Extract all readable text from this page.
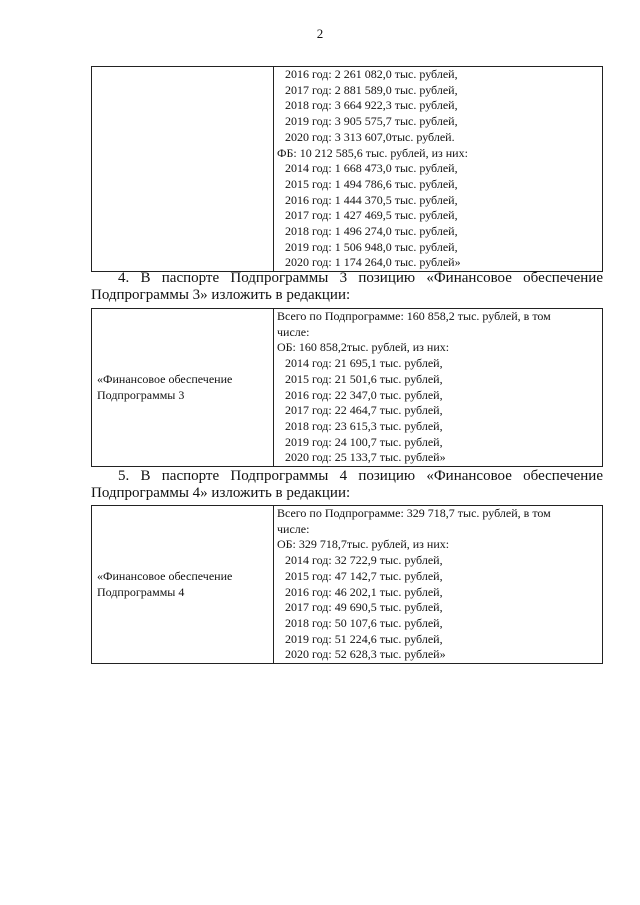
2

2016 год: 2 261 082,0 тыс. рублей,
2017 год: 2 881 589,0 тыс. рублей,
2018 год: 3 664 922,3 тыс. рублей,
2019 год: 3 905 575,7 тыс. рублей,
2020 год: 3 313 607,0тыс. рублей.
ФБ: 10 212 585,6 тыс. рублей, из них:
2014 год: 1 668 473,0 тыс. рублей,
2015 год: 1 494 786,6 тыс. рублей,
2016 год: 1 444 370,5 тыс. рублей,
2017 год: 1 427 469,5 тыс. рублей,
2018 год: 1 496 274,0 тыс. рублей,
2019 год: 1 506 948,0 тыс. рублей,
2020 год: 1 174 264,0 тыс. рублей»
4. В паспорте Подпрограммы 3 позицию «Финансовое обеспечение
Подпрограммы 3» изложить в редакции:
«Финансовое обеспечение
Подпрограммы 3

Всего по Подпрограмме: 160 858,2 тыс. рублей, в том
числе:
ОБ: 160 858,2тыс. рублей, из них:
2014 год: 21 695,1 тыс. рублей,
2015 год: 21 501,6 тыс. рублей,
2016 год: 22 347,0 тыс. рублей,
2017 год: 22 464,7 тыс. рублей,
2018 год: 23 615,3 тыс. рублей,
2019 год: 24 100,7 тыс. рублей,
2020 год: 25 133,7 тыс. рублей»
5. В паспорте Подпрограммы 4 позицию «Финансовое обеспечение
Подпрограммы 4» изложить в редакции:
«Финансовое обеспечение
Подпрограммы 4

Всего по Подпрограмме: 329 718,7 тыс. рублей, в том
числе:
ОБ: 329 718,7тыс. рублей, из них:
2014 год: 32 722,9 тыс. рублей,
2015 год: 47 142,7 тыс. рублей,
2016 год: 46 202,1 тыс. рублей,
2017 год: 49 690,5 тыс. рублей,
2018 год: 50 107,6 тыс. рублей,
2019 год: 51 224,6 тыс. рублей,
2020 год: 52 628,3 тыс. рублей»
